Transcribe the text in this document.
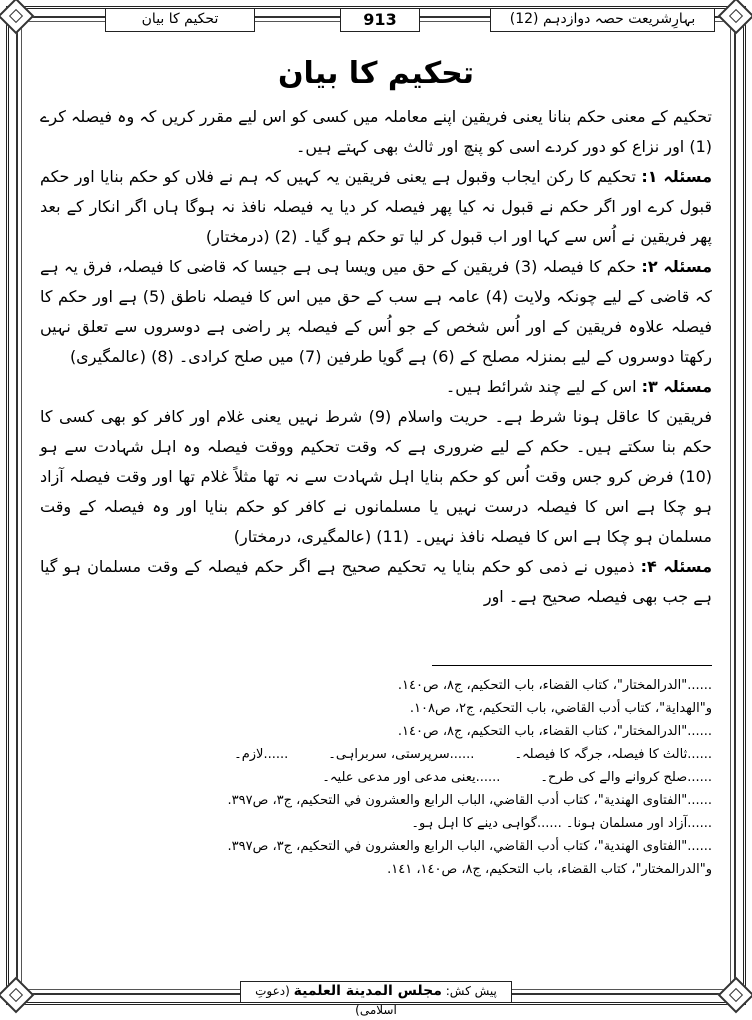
تحکیم کا بیان	913	بہارِشریعت حصہ دوازدہم (12)
تحکیم کا بیان

تحکیم کے معنی حکم بنانا یعنی فریقین اپنے معاملہ میں کسی کو اس لیے مقرر کریں کہ وہ فیصلہ کرے (1) اور نزاع کو دور کردے اسی کو پنچ اور ثالث بھی کہتے ہیں۔

مسئلہ ۱: تحکیم کا رکن ایجاب وقبول ہے یعنی فریقین یہ کہیں کہ ہم نے فلاں کو حکم بنایا اور حکم قبول کرے اور اگر حکم نے قبول نہ کیا پھر فیصلہ کر دیا یہ فیصلہ نافذ نہ ہوگا ہاں اگر انکار کے بعد پھر فریقین نے اُس سے کہا اور اب قبول کر لیا تو حکم ہو گیا۔ (2) (درمختار)

مسئلہ ۲: حکم کا فیصلہ (3) فریقین کے حق میں ویسا ہی ہے جیسا کہ قاضی کا فیصلہ، فرق یہ ہے کہ قاضی کے لیے چونکہ ولایت (4) عامہ ہے سب کے حق میں اس کا فیصلہ ناطق (5) ہے اور حکم کا فیصلہ علاوہ فریقین کے اور اُس شخص کے جو اُس کے فیصلہ پر راضی ہے دوسروں سے تعلق نہیں رکھتا دوسروں کے لیے بمنزلہ مصلح کے (6) ہے گویا طرفین (7) میں صلح کرادی۔ (8) (عالمگیری)

مسئلہ ۳: اس کے لیے چند شرائط ہیں۔

فریقین کا عاقل ہونا شرط ہے۔ حریت واسلام (9) شرط نہیں یعنی غلام اور کافر کو بھی کسی کا حکم بنا سکتے ہیں۔ حکم کے لیے ضروری ہے کہ وقت تحکیم ووقت فیصلہ وہ اہل شہادت سے ہو (10) فرض کرو جس وقت اُس کو حکم بنایا اہل شہادت سے نہ تھا مثلاً غلام تھا اور وقت فیصلہ آزاد ہو چکا ہے اس کا فیصلہ درست نہیں یا مسلمانوں نے کافر کو حکم بنایا اور وہ فیصلہ کے وقت مسلمان ہو چکا ہے اس کا فیصلہ نافذ نہیں۔ (11) (عالمگیری، درمختار)

مسئلہ ۴: ذمیوں نے ذمی کو حکم بنایا یہ تحکیم صحیح ہے اگر حکم فیصلہ کے وقت مسلمان ہو گیا ہے جب بھی فیصلہ صحیح ہے۔ اور

......"الدرالمختار"، کتاب القضاء، باب التحکیم، ج۸، ص۱٤۰.

و"الهداية"، کتاب أدب القاضي، باب التحکيم، ج۲، ص۱۰۸.

......"الدرالمختار"، کتاب القضاء، باب التحکیم، ج۸، ص۱٤۰.

......ثالث کا فیصلہ، جرگہ کا فیصلہ۔
......سرپرستی، سربراہی۔
......لازم۔
......صلح کروانے والے کی طرح۔
......یعنی مدعی اور مدعی علیہ۔

......"الفتاوى الهندية"، كتاب أدب القاضي، الباب الرابع والعشرون في التحكيم، ج۳، ص۳۹۷.

......آزاد اور مسلمان ہونا۔ ......گواہی دینے کا اہل ہو۔

......"الفتاوى الهندية"، كتاب أدب القاضي، الباب الرابع والعشرون في التحكيم، ج۳، ص۳۹۷.

و"الدرالمختار"، کتاب القضاء، باب التحکیم، ج۸، ص۱٤۰، ۱٤۱.

پیش کش: مجلس المدينة العلمية (دعوتِ اسلامی)
